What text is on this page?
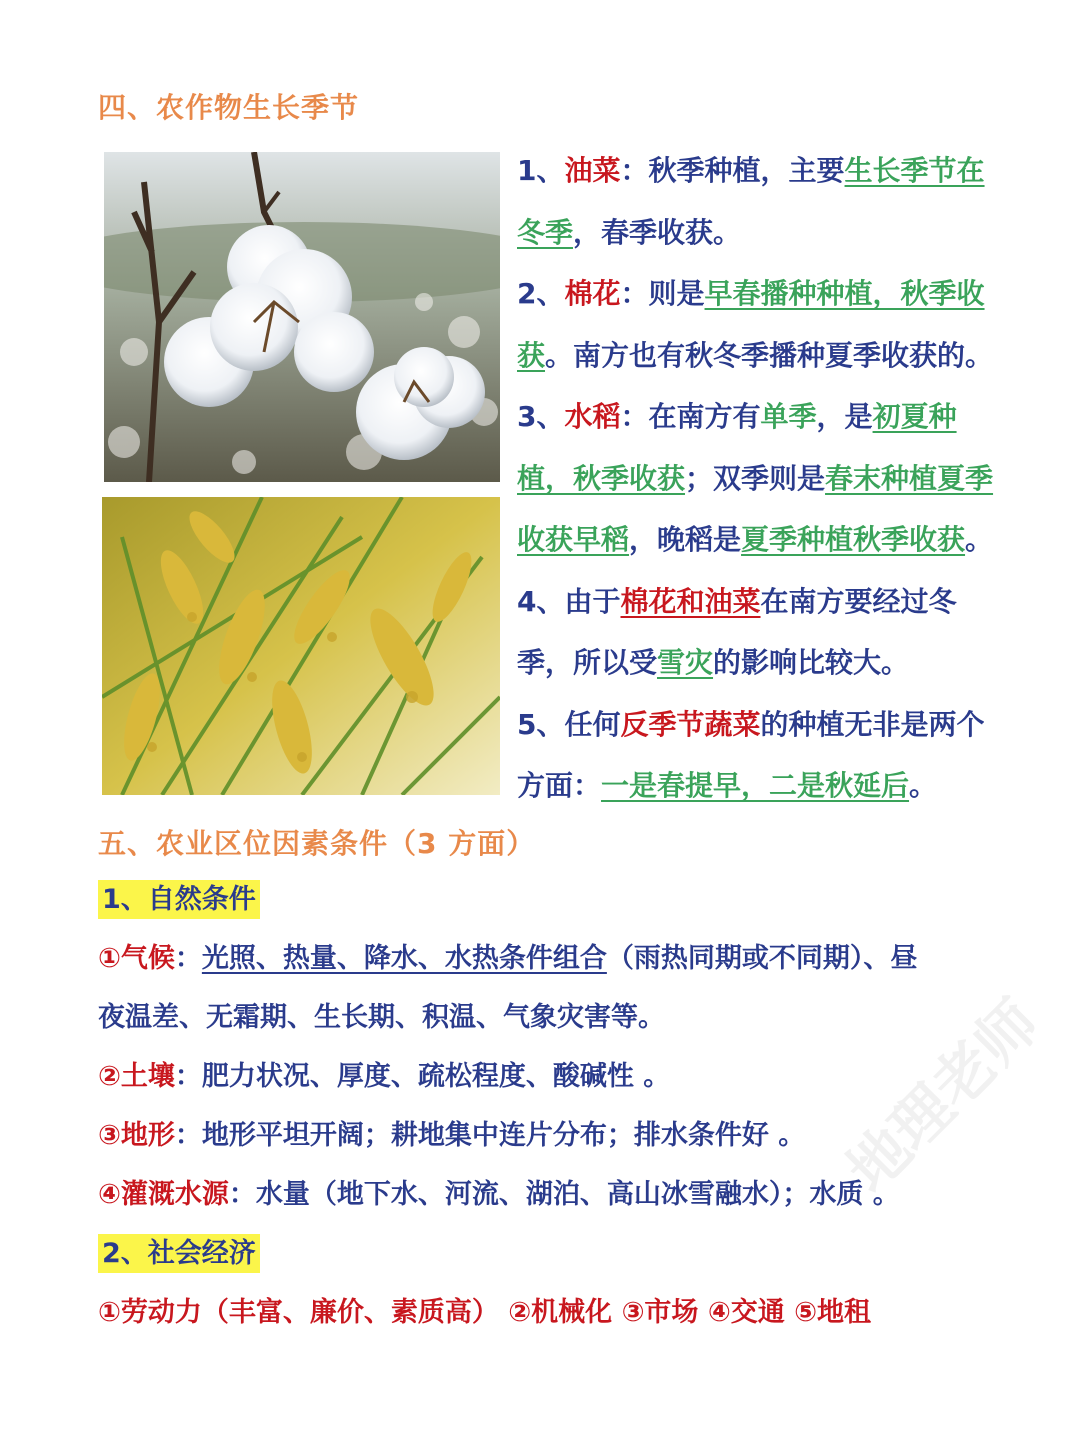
四、农作物生长季节

1、油菜：秋季种植，主要生长季节在冬季，春季收获。

2、棉花：则是早春播种种植，秋季收获。南方也有秋冬季播种夏季收获的。

3、水稻：在南方有单季，是初夏种植，秋季收获；双季则是春末种植夏季收获早稻，晚稻是夏季种植秋季收获。

4、由于棉花和油菜在南方要经过冬季，所以受雪灾的影响比较大。

5、任何反季节蔬菜的种植无非是两个方面：一是春提早，二是秋延后。

五、农业区位因素条件（3 方面）

1、自然条件

①气候：光照、热量、降水、水热条件组合（雨热同期或不同期）、昼

夜温差、无霜期、生长期、积温、气象灾害等。

②土壤：肥力状况、厚度、疏松程度、酸碱性 。

③地形：地形平坦开阔；耕地集中连片分布；排水条件好 。

④灌溉水源：水量（地下水、河流、湖泊、高山冰雪融水）；水质 。

2、社会经济

①劳动力（丰富、廉价、素质高） ②机械化 ③市场 ④交通 ⑤地租

地理老师
